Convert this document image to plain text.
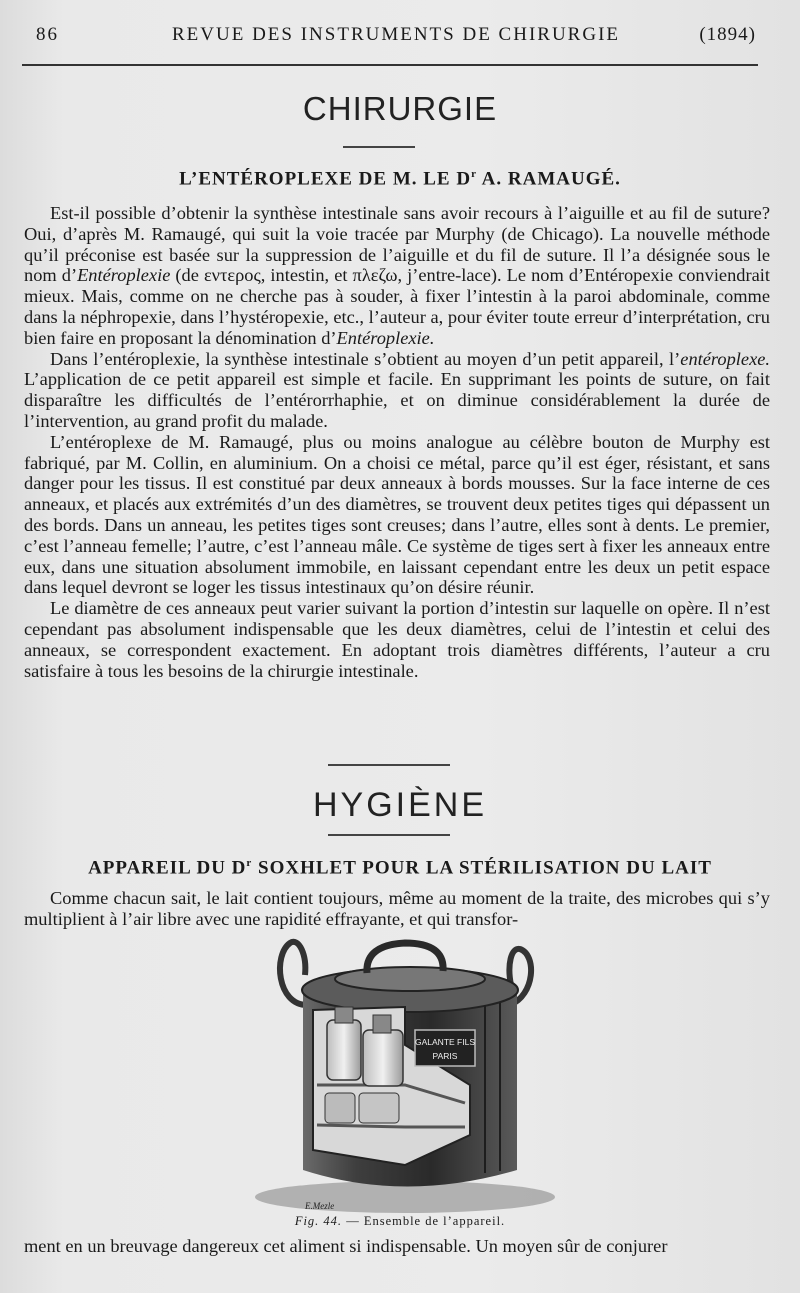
86	REVUE DES INSTRUMENTS DE CHIRURGIE	(1894)
CHIRURGIE
L’ENTÉROPLEXE DE M. LE $D^r$ A. RAMAUGÉ.

Est-il possible d’obtenir la synthèse intestinale sans avoir recours à l’aiguille et au fil de suture? Oui, d’après M. Ramaugé, qui suit la voie tracée par Murphy (de Chicago). La nouvelle méthode qu’il préconise est basée sur la suppression de l’aiguille et du fil de suture. Il l’a désignée sous le nom d’Entéroplexie (de εντερος, intestin, et πλεζω, j’entre-lace). Le nom d’Entéropexie conviendrait mieux. Mais, comme on ne cherche pas à souder, à fixer l’intestin à la paroi abdominale, comme dans la néphropexie, dans l’hystéropexie, etc., l’auteur a, pour éviter toute erreur d’interprétation, cru bien faire en proposant la dénomination d’Entéroplexie.

Dans l’entéroplexie, la synthèse intestinale s’obtient au moyen d’un petit appareil, l’entéroplexe. L’application de ce petit appareil est simple et facile. En supprimant les points de suture, on fait disparaître les difficultés de l’entérorrhaphie, et on diminue considérablement la durée de l’intervention, au grand profit du malade.

L’entéroplexe de M. Ramaugé, plus ou moins analogue au célèbre bouton de Murphy est fabriqué, par M. Collin, en aluminium. On a choisi ce métal, parce qu’il est éger, résistant, et sans danger pour les tissus. Il est constitué par deux anneaux à bords mousses. Sur la face interne de ces anneaux, et placés aux extrémités d’un des diamètres, se trouvent deux petites tiges qui dépassent un des bords. Dans un anneau, les petites tiges sont creuses; dans l’autre, elles sont à dents. Le premier, c’est l’anneau femelle; l’autre, c’est l’anneau mâle. Ce système de tiges sert à fixer les anneaux entre eux, dans une situation absolument immobile, en laissant cependant entre les deux un petit espace dans lequel devront se loger les tissus intestinaux qu’on désire réunir.

Le diamètre de ces anneaux peut varier suivant la portion d’intestin sur laquelle on opère. Il n’est cependant pas absolument indispensable que les deux diamètres, celui de l’intestin et celui des anneaux, se correspondent exactement. En adoptant trois diamètres différents, l’auteur a cru satisfaire à tous les besoins de la chirurgie intestinale.

HYGIÈNE
APPAREIL DU $D^r$ SOXHLET POUR LA STÉRILISATION DU LAIT

Comme chacun sait, le lait contient toujours, même au moment de la traite, des microbes qui s’y multiplient à l’air libre avec une rapidité effrayante, et qui transfor-

GALANTE FILS
PARIS
E.Mezle
Fig. 44. — Ensemble de l’appareil.

ment en un breuvage dangereux cet aliment si indispensable. Un moyen sûr de conjurer
